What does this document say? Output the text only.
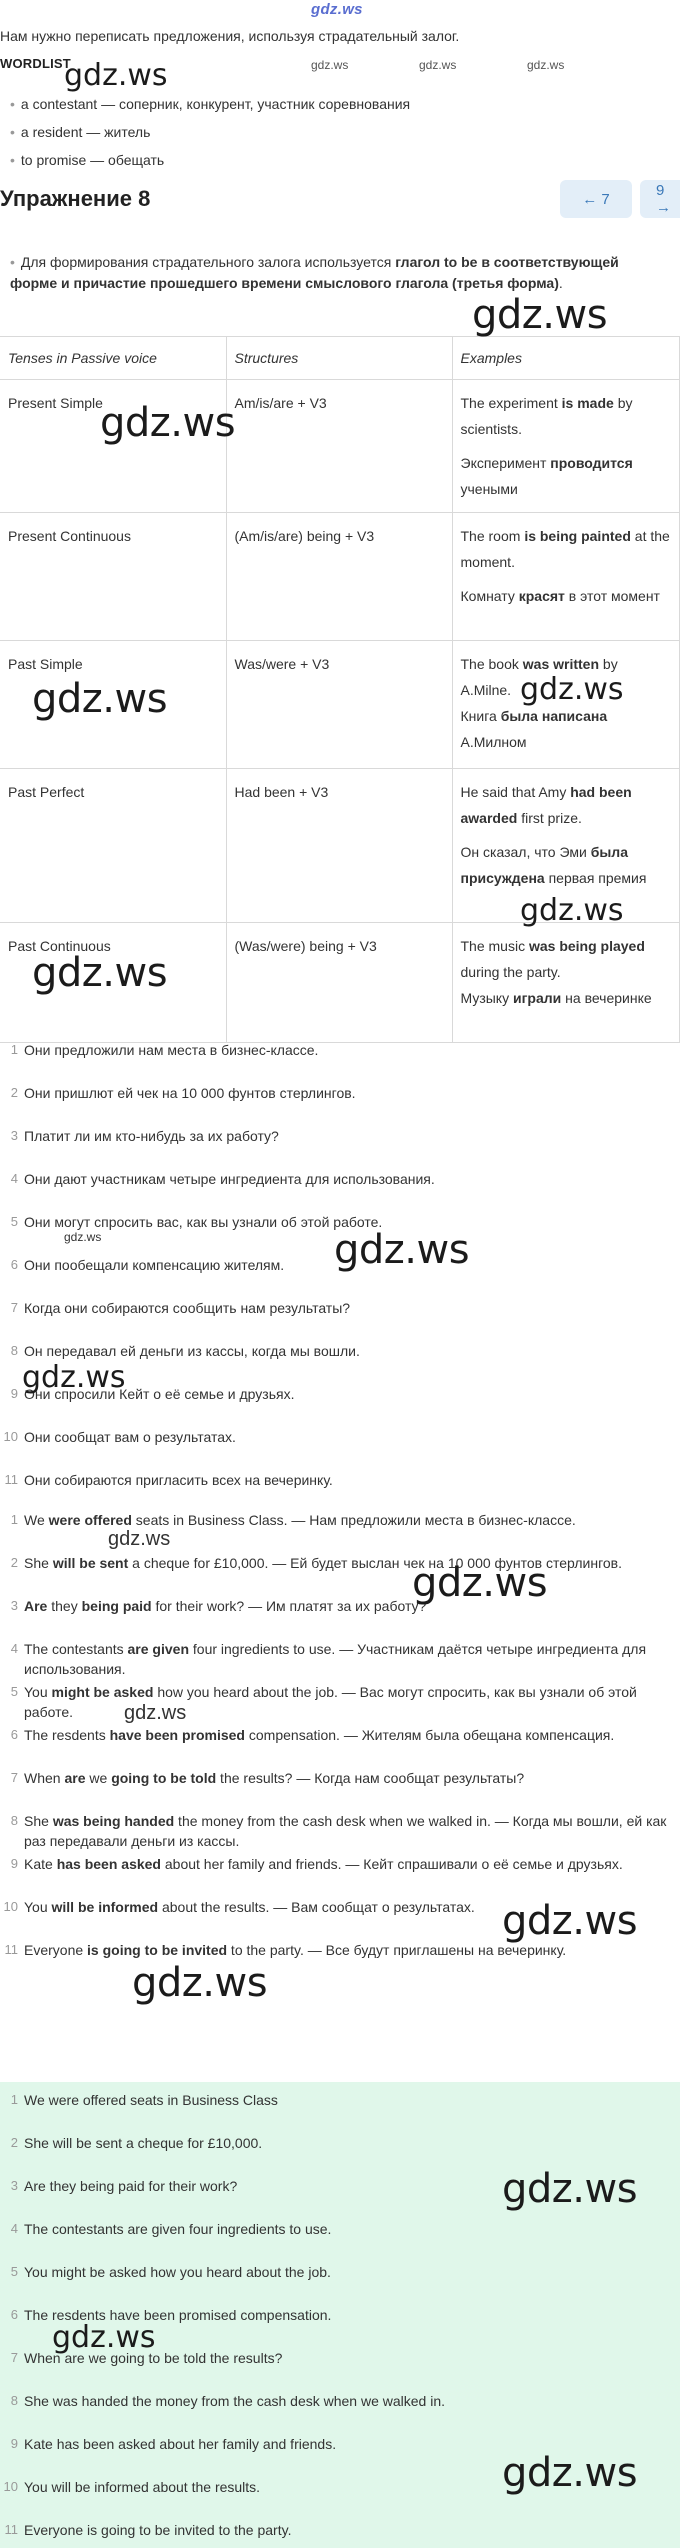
gdz.ws
Нам нужно переписать предложения, используя страдательный залог.
WORDLIST	gdz.ws	gdz.ws	gdz.ws
gdz.ws
• a contestant — соперник, конкурент, участник соревнования
• a resident — житель
• to promise — обещать
Упражнение 8	← 7	9 →
• Для формирования страдательного залога используется глагол to be в соответствующей форме и причастие прошедшего времени смыслового глагола (третья форма).
Tenses in Passive voice	Structures	Examples
Present Simple	Am/is/are + V3	The experiment is made by scientists.
Эксперимент проводится учеными

Present Continuous	(Am/is/are) being + V3	The room is being painted at the moment.
Комнату красят в этот момент

Past Simple	Was/were + V3	The book was written by A.Milne.
Книга была написана А.Милном

Past Perfect	Had been + V3	He said that Amy had been awarded first prize.
Он сказал, что Эми была присуждена первая премия

Past Continuous	(Was/were) being + V3	The music was being played during the party.
Музыку играли на вечеринке
gdz.ws
gdz.ws
gdz.ws
gdz.ws
gdz.ws
gdz.ws
1 Они предложили нам места в бизнес-классе.
2 Они пришлют ей чек на 10 000 фунтов стерлингов.
3 Платит ли им кто-нибудь за их работу?
4 Они дают участникам четыре ингредиента для использования.
5 Они могут спросить вас, как вы узнали об этой работе.
6 Они пообещали компенсацию жителям.
7 Когда они собираются сообщить нам результаты?
8 Он передавал ей деньги из кассы, когда мы вошли.
9 Они спросили Кейт о её семье и друзьях.
10 Они сообщат вам о результатах.
11 Они собираются пригласить всех на вечеринку.
gdz.ws	gdz.ws
gdz.ws
1 We were offered seats in Business Class. — Нам предложили места в бизнес-классе.
2 She will be sent a cheque for £10,000. — Ей будет выслан чек на 10 000 фунтов стерлингов.
3 Are they being paid for their work? — Им платят за их работу?
4 The contestants are given four ingredients to use. — Участникам даётся четыре ингредиента для использования.
5 You might be asked how you heard about the job. — Вас могут спросить, как вы узнали об этой работе.
6 The resdents have been promised compensation. — Жителям была обещана компенсация.
7 When are we going to be told the results? — Когда нам сообщат результаты?
8 She was being handed the money from the cash desk when we walked in. — Когда мы вошли, ей как раз передавали деньги из кассы.
9 Kate has been asked about her family and friends. — Кейт спрашивали о её семье и друзьях.
10 You will be informed about the results. — Вам сообщат о результатах.
11 Everyone is going to be invited to the party. — Все будут приглашены на вечеринку.
gdz.ws
gdz.ws
gdz.ws
gdz.ws
gdz.ws
1 We were offered seats in Business Class
2 She will be sent a cheque for £10,000.
3 Are they being paid for their work?
4 The contestants are given four ingredients to use.
5 You might be asked how you heard about the job.
6 The resdents have been promised compensation.
7 When are we going to be told the results?
8 She was handed the money from the cash desk when we walked in.
9 Kate has been asked about her family and friends.
10 You will be informed about the results.
11 Everyone is going to be invited to the party.
gdz.ws
gdz.ws
gdz.ws
